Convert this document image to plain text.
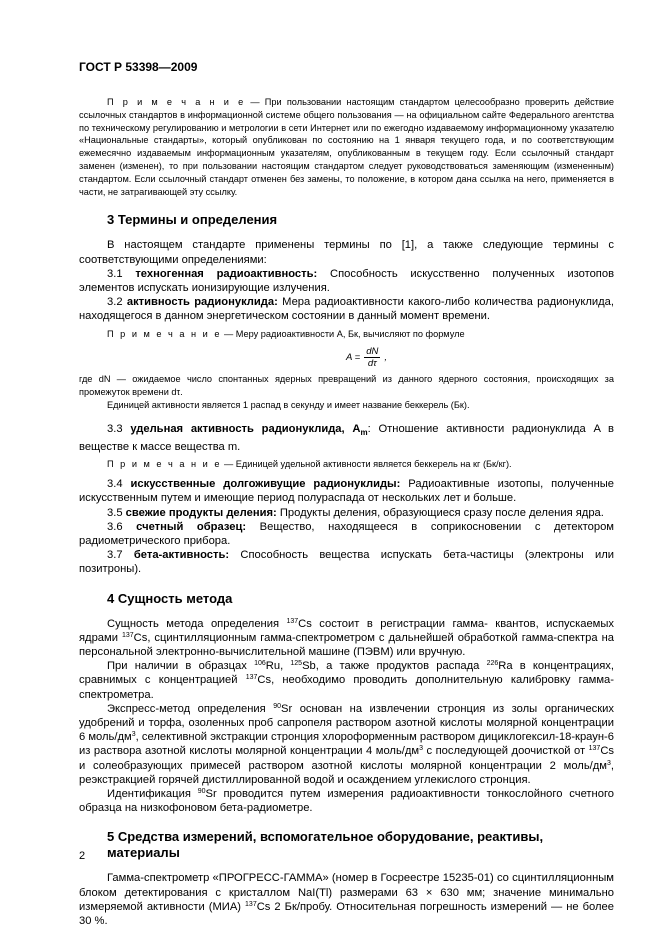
ГОСТ Р 53398—2009

П р и м е ч а н и е — При пользовании настоящим стандартом целесообразно проверить действие ссылочных стандартов в информационной системе общего пользования — на официальном сайте Федерального агентства по техническому регулированию и метрологии в сети Интернет или по ежегодно издаваемому информационному указателю «Национальные стандарты», который опубликован по состоянию на 1 января текущего года, и по соответствующим ежемесячно издаваемым информационным указателям, опубликованным в текущем году. Если ссылочный стандарт заменен (изменен), то при пользовании настоящим стандартом следует руководствоваться заменяющим (измененным) стандартом. Если ссылочный стандарт отменен без замены, то положение, в котором дана ссылка на него, применяется в части, не затрагивающей эту ссылку.

3 Термины и определения

В настоящем стандарте применены термины по [1], а также следующие термины с соответствующими определениями:

3.1 техногенная радиоактивность: Способность искусственно полученных изотопов элементов испускать ионизирующие излучения.

3.2 активность радионуклида: Мера радиоактивности какого-либо количества радионуклида, находящегося в данном энергетическом состоянии в данный момент времени.

П р и м е ч а н и е — Меру радиоактивности A, Бк, вычисляют по формуле

$A = \frac{dN}{d\tau}$ ,

где dN — ожидаемое число спонтанных ядерных превращений из данного ядерного состояния, происходящих за промежуток времени dτ.

Единицей активности является 1 распад в секунду и имеет название беккерель (Бк).

3.3 удельная активность радионуклида, $A_m$: Отношение активности радионуклида A в веществе к массе вещества m.

П р и м е ч а н и е — Единицей удельной активности является беккерель на кг (Бк/кг).

3.4 искусственные долгоживущие радионуклиды: Радиоактивные изотопы, полученные искусственным путем и имеющие период полураспада от нескольких лет и больше.

3.5 свежие продукты деления: Продукты деления, образующиеся сразу после деления ядра.

3.6 счетный образец: Вещество, находящееся в соприкосновении с детектором радиометрического прибора.

3.7 бета-активность: Способность вещества испускать бета-частицы (электроны или позитроны).

4 Сущность метода

Сущность метода определения $^{137}$Cs состоит в регистрации гамма- квантов, испускаемых ядрами $^{137}$Cs, сцинтилляционным гамма-спектрометром с дальнейшей обработкой гамма-спектра на персональной электронно-вычислительной машине (ПЭВМ) или вручную.

При наличии в образцах $^{106}$Ru, $^{125}$Sb, а также продуктов распада $^{226}$Ra в концентрациях, сравнимых с концентрацией $^{137}$Cs, необходимо проводить дополнительную калибровку гамма-спектрометра.

Экспресс-метод определения $^{90}$Sr основан на извлечении стронция из золы органических удобрений и торфа, озоленных проб сапропеля раствором азотной кислоты молярной концентрации 6 моль/$дм^3$, селективной экстракции стронция хлороформенным раствором дициклогексил-18-краун-6 из раствора азотной кислоты молярной концентрации 4 моль/$дм^3$ с последующей доочисткой от $^{137}$Cs и солеобразующих примесей раствором азотной кислоты молярной концентрации 2 моль/$дм^3$, реэкстракцией горячей дистиллированной водой и осаждением углекислого стронция.

Идентификация $^{90}$Sr проводится путем измерения радиоактивности тонкослойного счетного образца на низкофоновом бета-радиометре.

5 Средства измерений, вспомогательное оборудование, реактивы, материалы

Гамма-спектрометр «ПРОГРЕСС-ГАММА» (номер в Госреестре 15235-01) со сцинтилляционным блоком детектирования с кристаллом NaI(Tl) размерами 63 × 630 мм; значение минимально измеряемой активности (МИА) $^{137}$Cs 2 Бк/пробу. Относительная погрешность измерений — не более 30 %.

2
